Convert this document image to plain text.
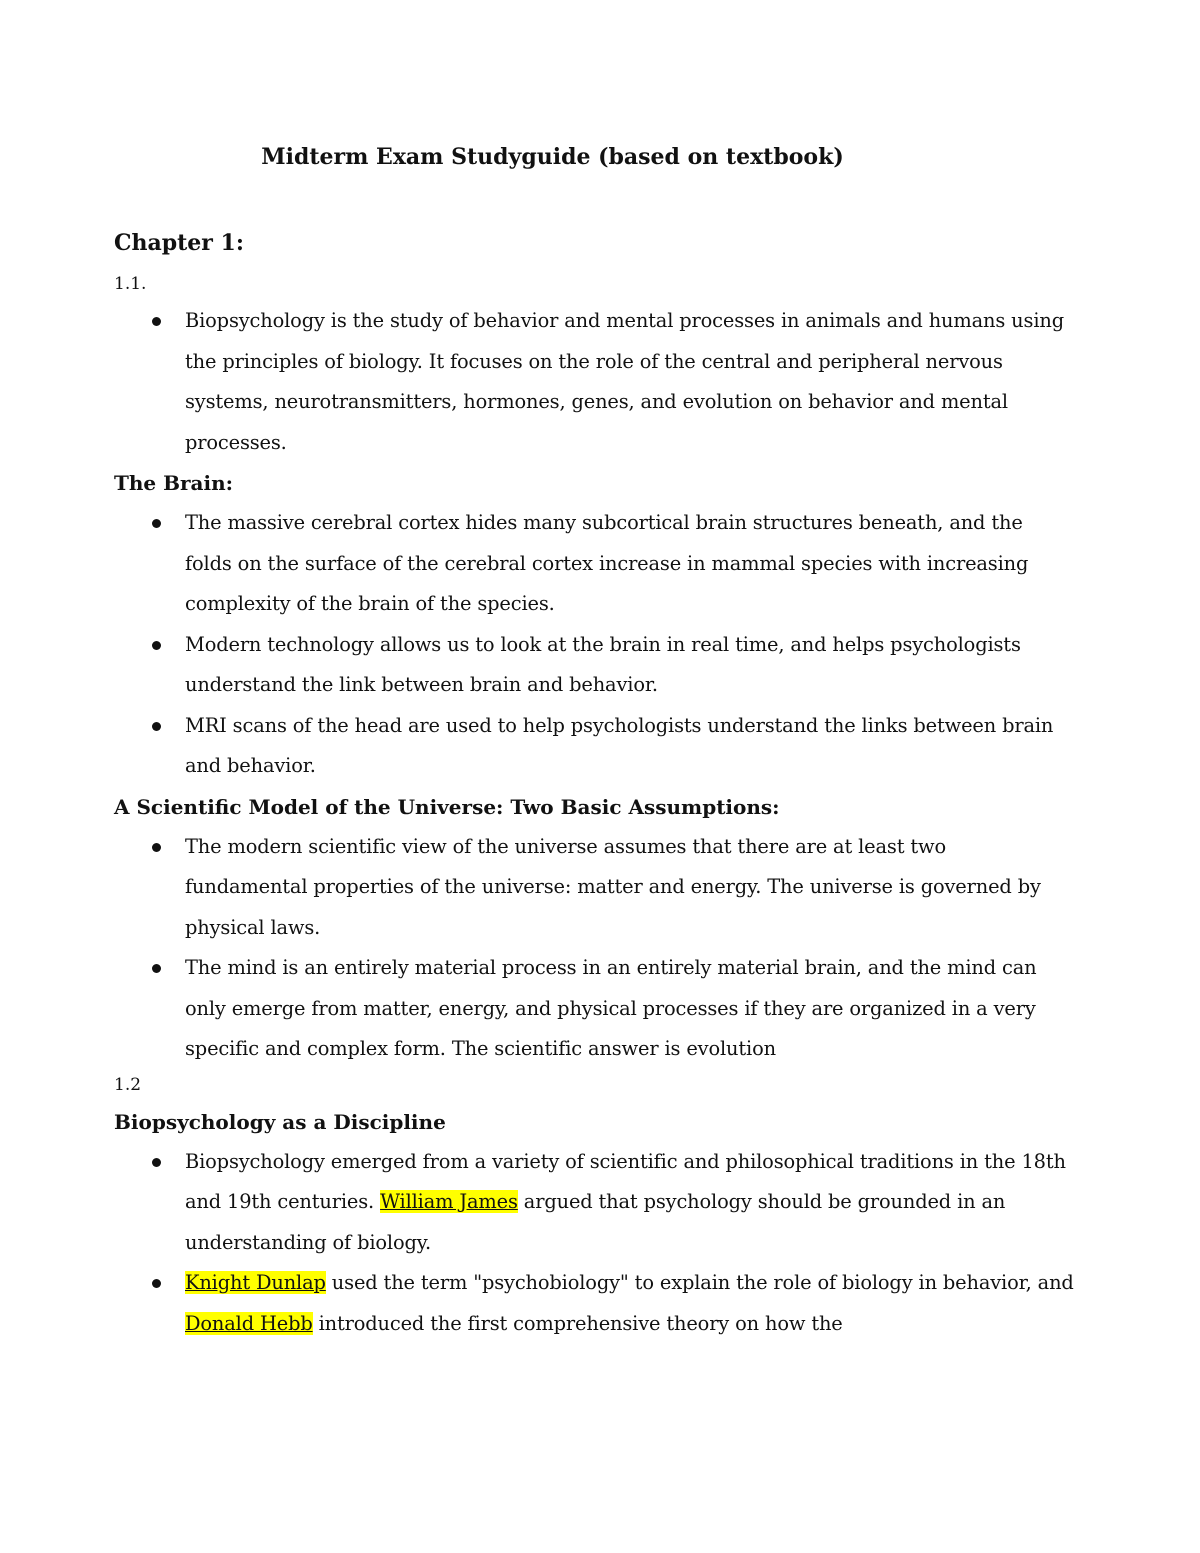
Midterm Exam Studyguide (based on textbook)
Chapter 1:
1.1.
Biopsychology is the study of behavior and mental processes in animals and humans using the principles of biology. It focuses on the role of the central and peripheral nervous systems, neurotransmitters, hormones, genes, and evolution on behavior and mental processes.
The Brain:
The massive cerebral cortex hides many subcortical brain structures beneath, and the folds on the surface of the cerebral cortex increase in mammal species with increasing complexity of the brain of the species.
Modern technology allows us to look at the brain in real time, and helps psychologists understand the link between brain and behavior.
MRI scans of the head are used to help psychologists understand the links between brain and behavior.
A Scientific Model of the Universe: Two Basic Assumptions:
The modern scientific view of the universe assumes that there are at least two fundamental properties of the universe: matter and energy. The universe is governed by physical laws.
The mind is an entirely material process in an entirely material brain, and the mind can only emerge from matter, energy, and physical processes if they are organized in a very specific and complex form. The scientific answer is evolution
1.2
Biopsychology as a Discipline
Biopsychology emerged from a variety of scientific and philosophical traditions in the 18th and 19th centuries. William James argued that psychology should be grounded in an understanding of biology.
Knight Dunlap used the term "psychobiology" to explain the role of biology in behavior, and Donald Hebb introduced the first comprehensive theory on how the
